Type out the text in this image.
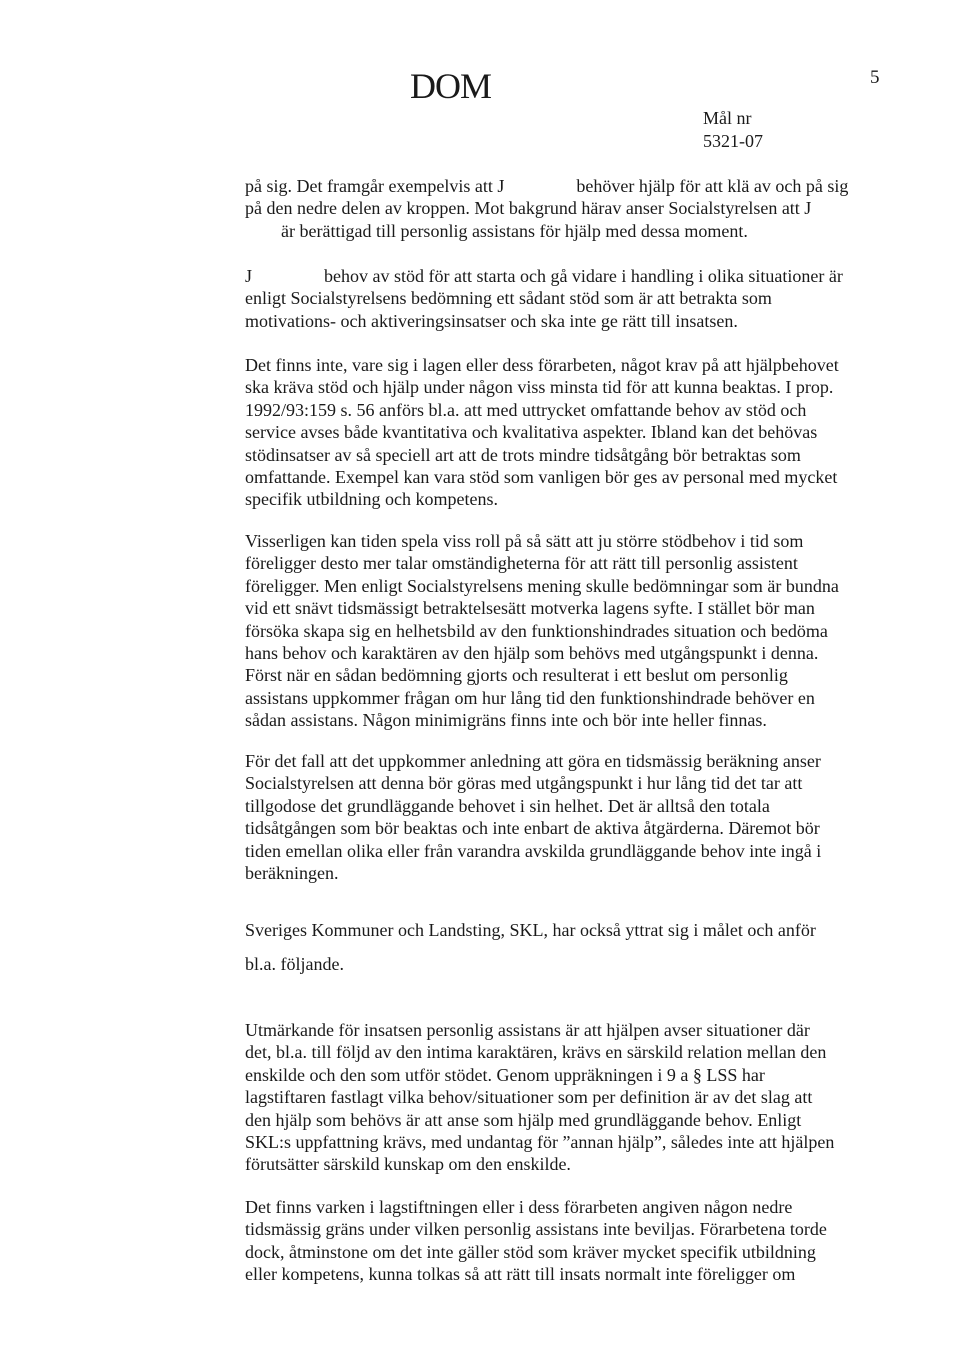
DOM	5
Mål nr
5321-07
på sig. Det framgår exempelvis att J                behöver hjälp för att klä av och på sig
på den nedre delen av kroppen. Mot bakgrund härav anser Socialstyrelsen att J
är berättigad till personlig assistans för hjälp med dessa moment.
J                behov av stöd för att starta och gå vidare i handling i olika situationer är
enligt Socialstyrelsens bedömning ett sådant stöd som är att betrakta som
motivations- och aktiveringsinsatser och ska inte ge rätt till insatsen.
Det finns inte, vare sig i lagen eller dess förarbeten, något krav på att hjälpbehovet
ska kräva stöd och hjälp under någon viss minsta tid för att kunna beaktas. I prop.
1992/93:159 s. 56 anförs bl.a. att med uttrycket omfattande behov av stöd och
service avses både kvantitativa och kvalitativa aspekter. Ibland kan det behövas
stödinsatser av så speciell art att de trots mindre tidsåtgång bör betraktas som
omfattande. Exempel kan vara stöd som vanligen bör ges av personal med mycket
specifik utbildning och kompetens.
Visserligen kan tiden spela viss roll på så sätt att ju större stödbehov i tid som
föreligger desto mer talar omständigheterna för att rätt till personlig assistent
föreligger. Men enligt Socialstyrelsens mening skulle bedömningar som är bundna
vid ett snävt tidsmässigt betraktelsesätt motverka lagens syfte. I stället bör man
försöka skapa sig en helhetsbild av den funktionshindrades situation och bedöma
hans behov och karaktären av den hjälp som behövs med utgångspunkt i denna.
Först när en sådan bedömning gjorts och resulterat i ett beslut om personlig
assistans uppkommer frågan om hur lång tid den funktionshindrade behöver en
sådan assistans. Någon minimigräns finns inte och bör inte heller finnas.
För det fall att det uppkommer anledning att göra en tidsmässig beräkning anser
Socialstyrelsen att denna bör göras med utgångspunkt i hur lång tid det tar att
tillgodose det grundläggande behovet i sin helhet. Det är alltså den totala
tidsåtgången som bör beaktas och inte enbart de aktiva åtgärderna. Däremot bör
tiden emellan olika eller från varandra avskilda grundläggande behov inte ingå i
beräkningen.
Sveriges Kommuner och Landsting, SKL, har också yttrat sig i målet och anför
bl.a. följande.
Utmärkande för insatsen personlig assistans är att hjälpen avser situationer där
det, bl.a. till följd av den intima karaktären, krävs en särskild relation mellan den
enskilde och den som utför stödet. Genom uppräkningen i 9 a § LSS har
lagstiftaren fastlagt vilka behov/situationer som per definition är av det slag att
den hjälp som behövs är att anse som hjälp med grundläggande behov. Enligt
SKL:s uppfattning krävs, med undantag för ”annan hjälp”, således inte att hjälpen
förutsätter särskild kunskap om den enskilde.
Det finns varken i lagstiftningen eller i dess förarbeten angiven någon nedre
tidsmässig gräns under vilken personlig assistans inte beviljas. Förarbetena torde
dock, åtminstone om det inte gäller stöd som kräver mycket specifik utbildning
eller kompetens, kunna tolkas så att rätt till insats normalt inte föreligger om
